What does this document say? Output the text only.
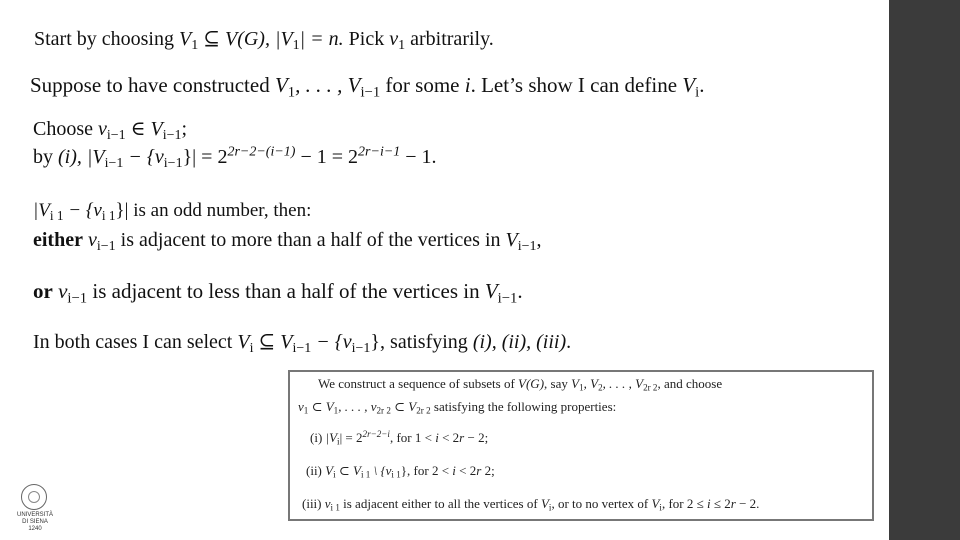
Start by choosing $V_1$ ⊆ V(G), $|V_1| = n$. Pick $v_1$ arbitrarily.
Suppose to have constructed $V_1$, . . . , $V_{i-1}$ for some i. Let’s show I can define $V_i$.
Choose $v_{i-1}$ ∈ $V_{i-1}$;
by (i), $|V_{i-1} - \{v_{i-1}\}| = 2^{2r-2-(i-1)} - 1 = 2^{2r-i-1} - 1$.
$|V_{i 1} - \{v_{i 1}\}|$ is an odd number, then:
either $v_{i-1}$ is adjacent to more than a half of the vertices in $V_{i-1}$,
or $v_{i-1}$ is adjacent to less than a half of the vertices in $V_{i-1}$.
In both cases I can select $V_i$ ⊆ $V_{i-1} - \{v_{i-1}\}$, satisfying (i), (ii), (iii).
We construct a sequence of subsets of V(G), say $V_1$, $V_2$, . . . , $V_{2r 2}$, and choose
$v_1$ ⊂ $V_1$, . . . , $v_{2r 2}$ ⊂ $V_{2r 2}$ satisfying the following properties:
(i) $|V_i| = 2^{2r-2-i}$, for 1 < i < 2r − 2;
(ii) $V_i$ ⊂ $V_{i 1}$ \ $\{v_{i 1}\}$, for 2 < i < 2r 2;
(iii) $v_{i 1}$ is adjacent either to all the vertices of $V_i$, or to no vertex of $V_i$, for 2 ≤ i ≤ 2r − 2.
UNIVERSITÀ
DI SIENA
1240
